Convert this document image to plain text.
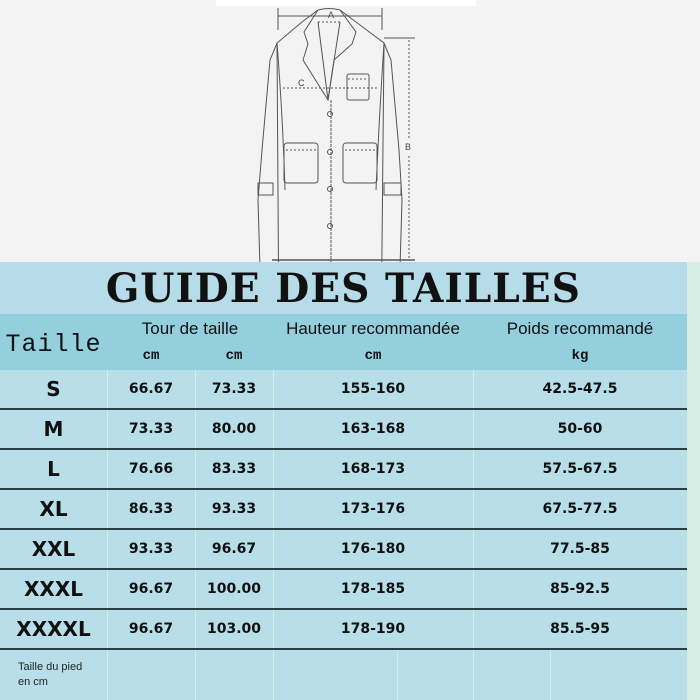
A
B
C
GUIDE DES TAILLES
Taille
Tour de taille
cm	cm
Hauteur recommandée
cm
Poids recommandé
kg
S	66.67	73.33	155-160	42.5-47.5
M	73.33	80.00	163-168	50-60
L	76.66	83.33	168-173	57.5-67.5
XL	86.33	93.33	173-176	67.5-77.5
XXL	93.33	96.67	176-180	77.5-85
XXXL	96.67	100.00	178-185	85-92.5
XXXXL	96.67	103.00	178-190	85.5-95
Taille du pied
en cm
